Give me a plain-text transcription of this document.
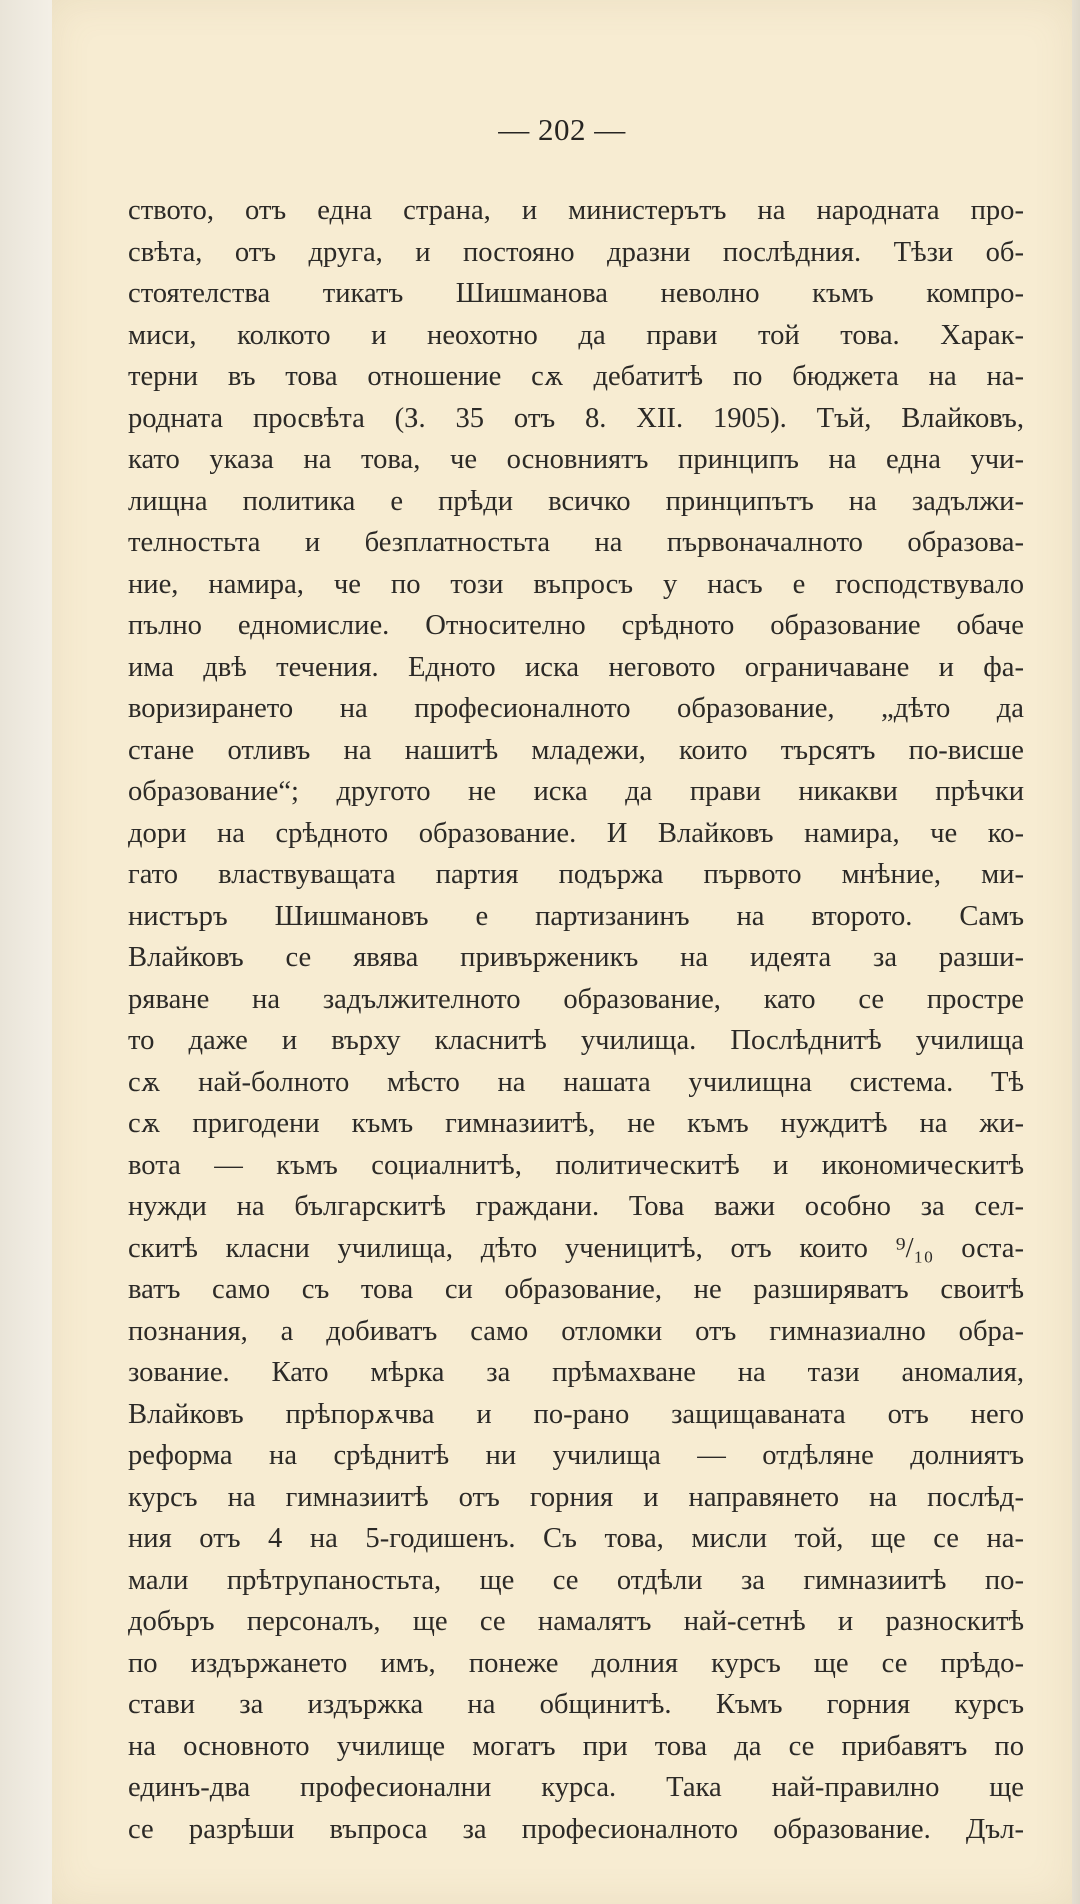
— 202 —
ството, отъ една страна, и министерътъ на народната про-
свѣта, отъ друга, и постояно дразни послѣдния. Тѣзи об-
стоятелства тикатъ Шишманова неволно къмъ компро-
миси, колкото и неохотно да прави той това. Харак-
терни въ това отношение сѫ дебатитѣ по бюджета на на-
родната просвѣта (З. 35 отъ 8. XII. 1905). Тъй, Влайковъ,
като указа на това, че основниятъ принципъ на една учи-
лищна политика е прѣди всичко принципътъ на задължи-
телностьта и безплатностьта на първоначалното образова-
ние, намира, че по този въпросъ у насъ е господствувало
пълно едномислие. Относително срѣдното образование обаче
има двѣ течения. Едното иска неговото ограничаване и фа-
воризирането на професионалното образование, „дѣто да
стане отливъ на нашитѣ младежи, които търсятъ по-висше
образование“; другото не иска да прави никакви прѣчки
дори на срѣдното образование. И Влайковъ намира, че ко-
гато властвуващата партия подържа първото мнѣние, ми-
нистъръ Шишмановъ е партизанинъ на второто. Самъ
Влайковъ се явява привърженикъ на идеята за разши-
ряване на задължителното образование, като се простре
то даже и върху класнитѣ училища. Послѣднитѣ училища
сѫ най-болното мѣсто на нашата училищна система. Тѣ
сѫ пригодени къмъ гимназиитѣ, не къмъ нуждитѣ на жи-
вота — къмъ социалнитѣ, политическитѣ и икономическитѣ
нужди на българскитѣ граждани. Това важи особно за сел-
скитѣ класни училища, дѣто ученицитѣ, отъ които ⁹/₁₀ оста-
ватъ само съ това си образование, не разширяватъ своитѣ
познания, а добиватъ само отломки отъ гимназиално обра-
зование. Като мѣрка за прѣмахване на тази аномалия,
Влайковъ прѣпорѫчва и по-рано защищаваната отъ него
реформа на срѣднитѣ ни училища — отдѣляне долниятъ
курсъ на гимназиитѣ отъ горния и направянето на послѣд-
ния отъ 4 на 5-годишенъ. Съ това, мисли той, ще се на-
мали прѣтрупаностьта, ще се отдѣли за гимназиитѣ по-
добъръ персоналъ, ще се намалятъ най-сетнѣ и разноскитѣ
по издържането имъ, понеже долния курсъ ще се прѣдо-
стави за издържка на общинитѣ. Къмъ горния курсъ
на основното училище могатъ при това да се прибавятъ по
единъ-два професионални курса. Така най-правилно ще
се разрѣши въпроса за професионалното образование. Дъл-
